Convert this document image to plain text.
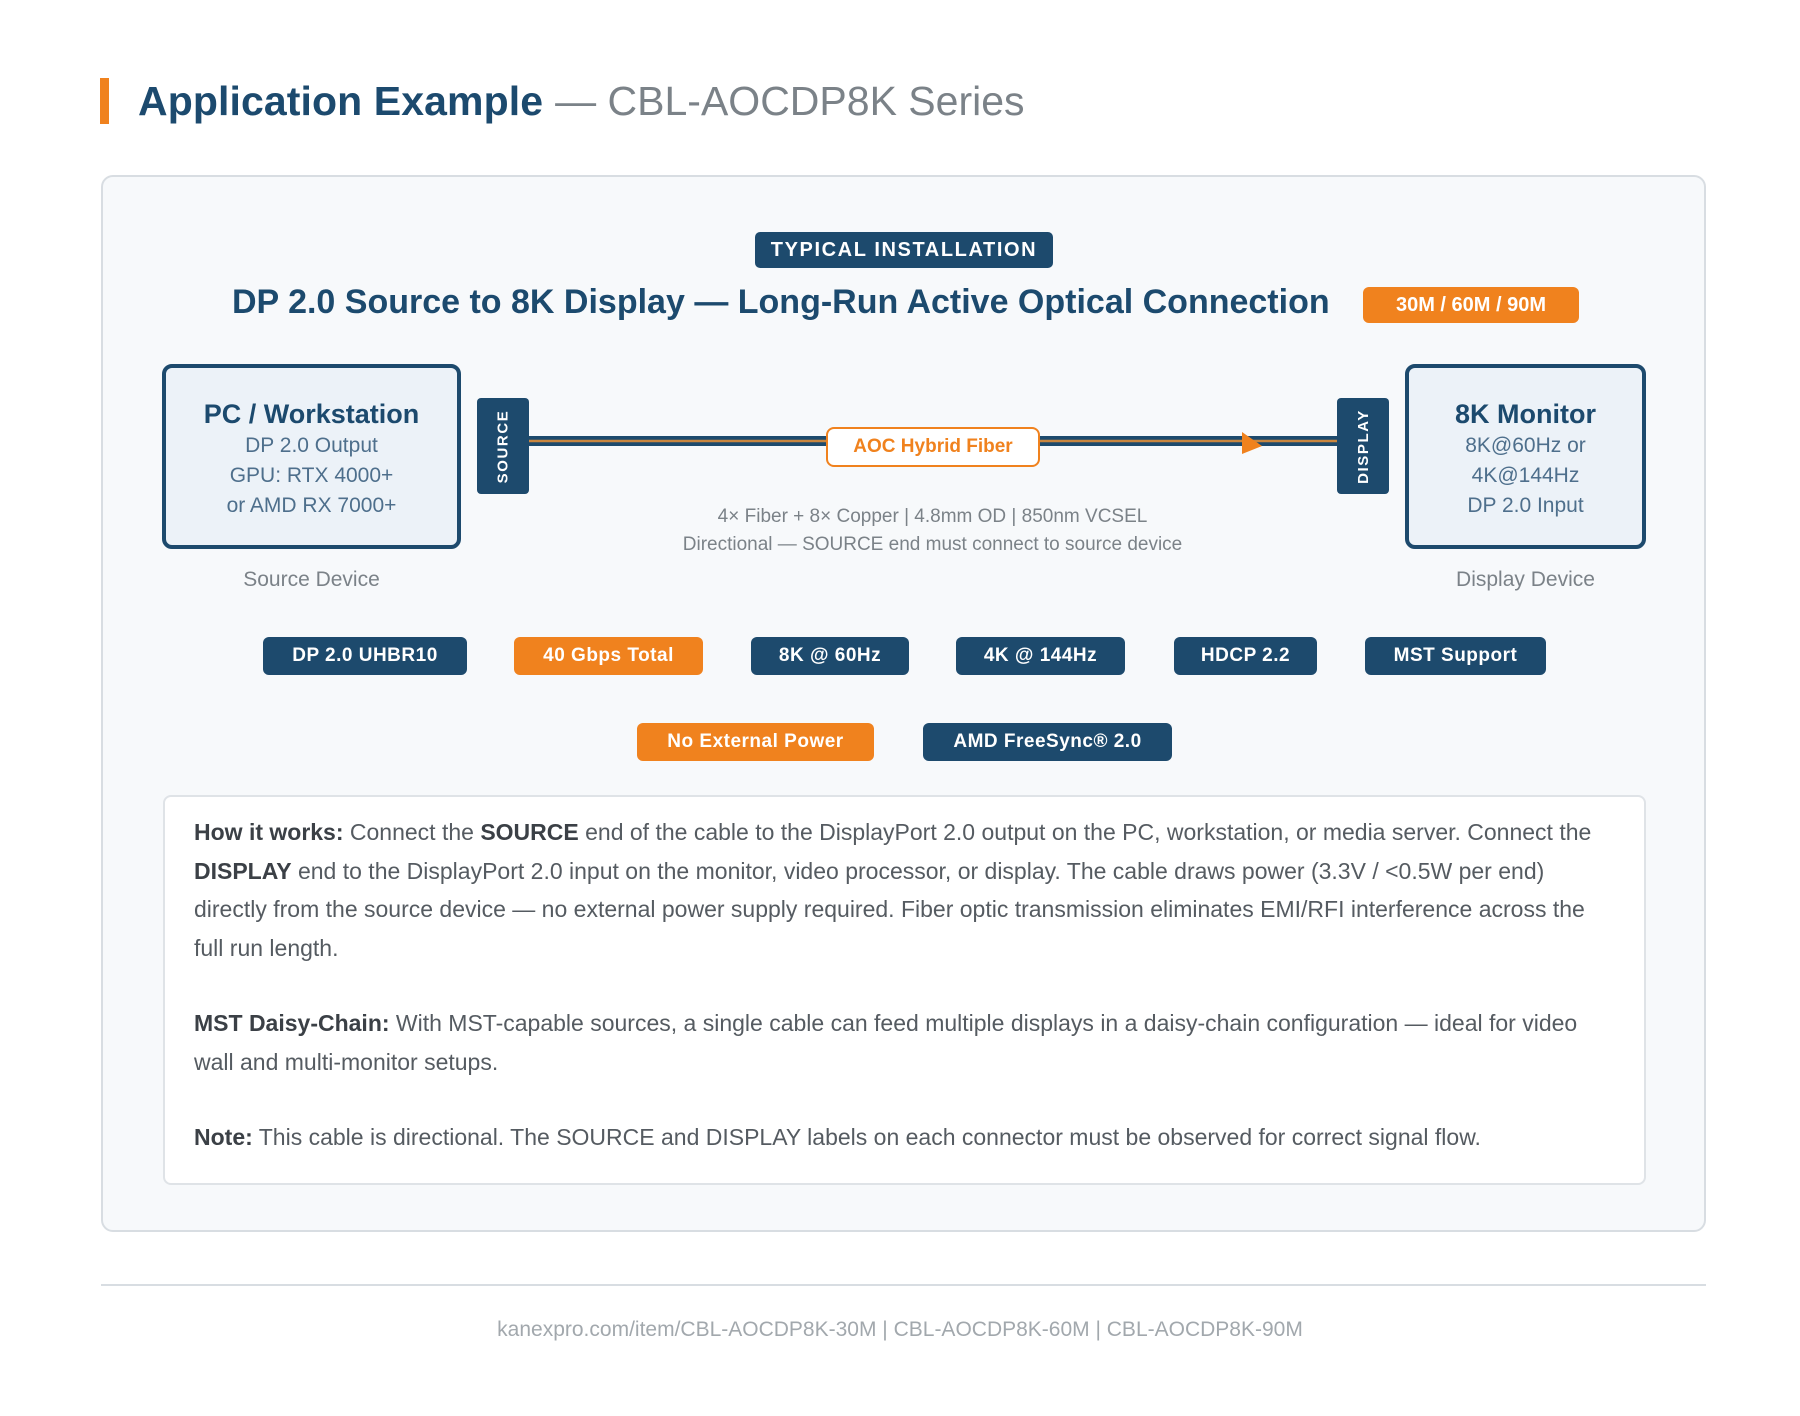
Application Example — CBL-AOCDP8K Series
TYPICAL INSTALLATION
DP 2.0 Source to 8K Display — Long-Run Active Optical Connection	30M / 60M / 90M
PC / Workstation
DP 2.0 Output
GPU: RTX 4000+
or AMD RX 7000+
Source Device
8K Monitor
8K@60Hz or
4K@144Hz
DP 2.0 Input
Display Device
SOURCE	DISPLAY
AOC Hybrid Fiber
4× Fiber + 8× Copper | 4.8mm OD | 850nm VCSEL
Directional — SOURCE end must connect to source device
DP 2.0 UHBR10	40 Gbps Total	8K @ 60Hz	4K @ 144Hz	HDCP 2.2	MST Support
No External Power	AMD FreeSync® 2.0

How it works: Connect the SOURCE end of the cable to the DisplayPort 2.0 output on the PC, workstation, or media server. Connect the DISPLAY end to the DisplayPort 2.0 input on the monitor, video processor, or display. The cable draws power (3.3V / <0.5W per end) directly from the source device — no external power supply required. Fiber optic transmission eliminates EMI/RFI interference across the full run length.

MST Daisy-Chain: With MST-capable sources, a single cable can feed multiple displays in a daisy-chain configuration — ideal for video wall and multi-monitor setups.

Note: This cable is directional. The SOURCE and DISPLAY labels on each connector must be observed for correct signal flow.

kanexpro.com/item/CBL-AOCDP8K-30M | CBL-AOCDP8K-60M | CBL-AOCDP8K-90M
